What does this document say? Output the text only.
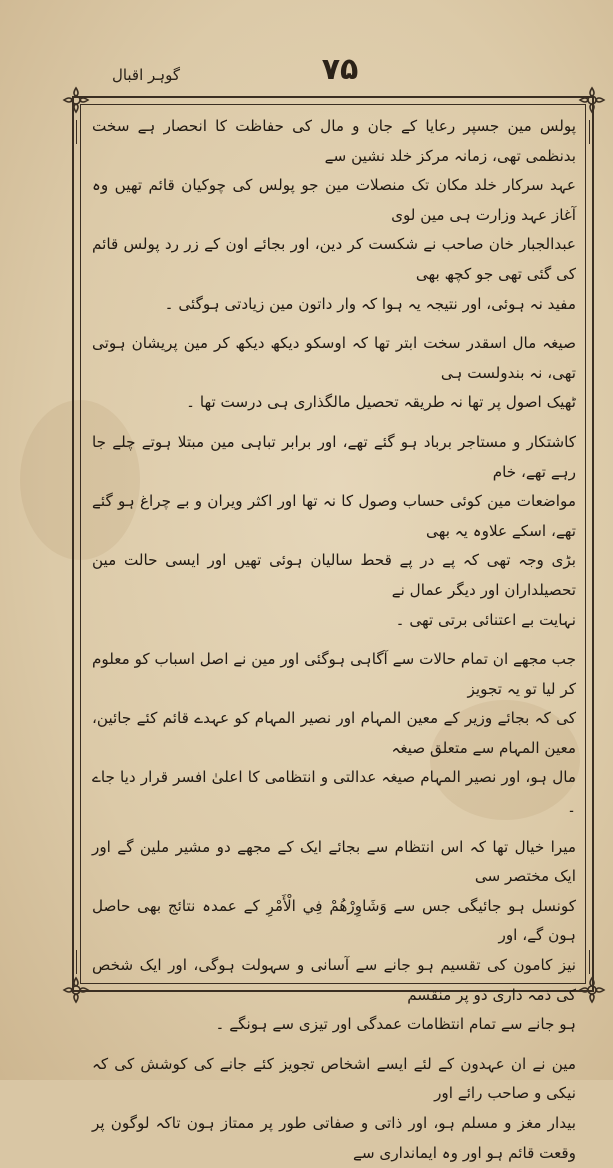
۷۵
گوہر اقبال

پولس مین جسپر رعایا کے جان و مال کی حفاظت کا انحصار ہے سخت بدنظمی تھی، زمانہ مرکز خلد نشین سے
عہد سرکار خلد مکان تک منصلات مین جو پولس کی چوکیان قائم تھیں وہ آغاز عہد وزارت ہی مین لوی
عبدالجبار خان صاحب نے شکست کر دین، اور بجائے اون کے زر رد پولس قائم کی گئی تھی جو کچھ بھی
مفید نہ ہوئی، اور نتیجہ یہ ہوا کہ وار داتون مین زیادتی ہوگئی ۔

صیغہ مال اسقدر سخت ابتر تھا کہ اوسکو دیکھ دیکھ کر مین پریشان ہوتی تھی، نہ بندولست ہی
ٹھیک اصول پر تھا نہ طریقہ تحصیل مالگذاری ہی درست تھا ۔

کاشتکار و مستاجر برباد ہو گئے تھے، اور برابر تباہی مین مبتلا ہوتے چلے جا رہے تھے، خام
مواضعات مین کوئی حساب وصول کا نہ تھا اور اکثر ویران و بے چراغ ہو گئے تھے، اسکے علاوہ یہ بھی
بڑی وجہ تھی کہ پے در پے قحط سالیان ہوئی تھیں اور ایسی حالت مین تحصیلداران اور دیگر عمال نے
نہایت بے اعتنائی برتی تھی ۔

جب مجھے ان تمام حالات سے آگاہی ہوگئی اور مین نے اصل اسباب کو معلوم کر لیا تو یہ تجویز
کی کہ بجائے وزیر کے معین المہام اور نصیر المہام کو عہدے قائم کئے جائین، معین المہام سے متعلق صیغہ
مال ہو، اور نصیر المہام صیغہ عدالتی و انتظامی کا اعلیٰ افسر قرار دیا جاے ۔

میرا خیال تھا کہ اس انتظام سے بجائے ایک کے مجھے دو مشیر ملین گے اور ایک مختصر سی
کونسل ہو جائیگی جس سے وَشَاوِرْهُمْ فِي الْأَمْرِ کے عمدہ نتائج بھی حاصل ہون گے، اور
نیز کامون کی تقسیم ہو جانے سے آسانی و سہولت ہوگی، اور ایک شخص کی ذمہ داری دو پر منقسم
ہو جانے سے تمام انتظامات عمدگی اور تیزی سے ہونگے ۔

مین نے ان عہدون کے لئے ایسے اشخاص تجویز کئے جانے کی کوشش کی کہ نیکی و صاحب رائے اور
بیدار مغز و مسلم ہو، اور ذاتی و صفاتی طور پر ممتاز ہون تاکہ لوگون پر وقعت قائم ہو اور وہ ایمانداری سے
